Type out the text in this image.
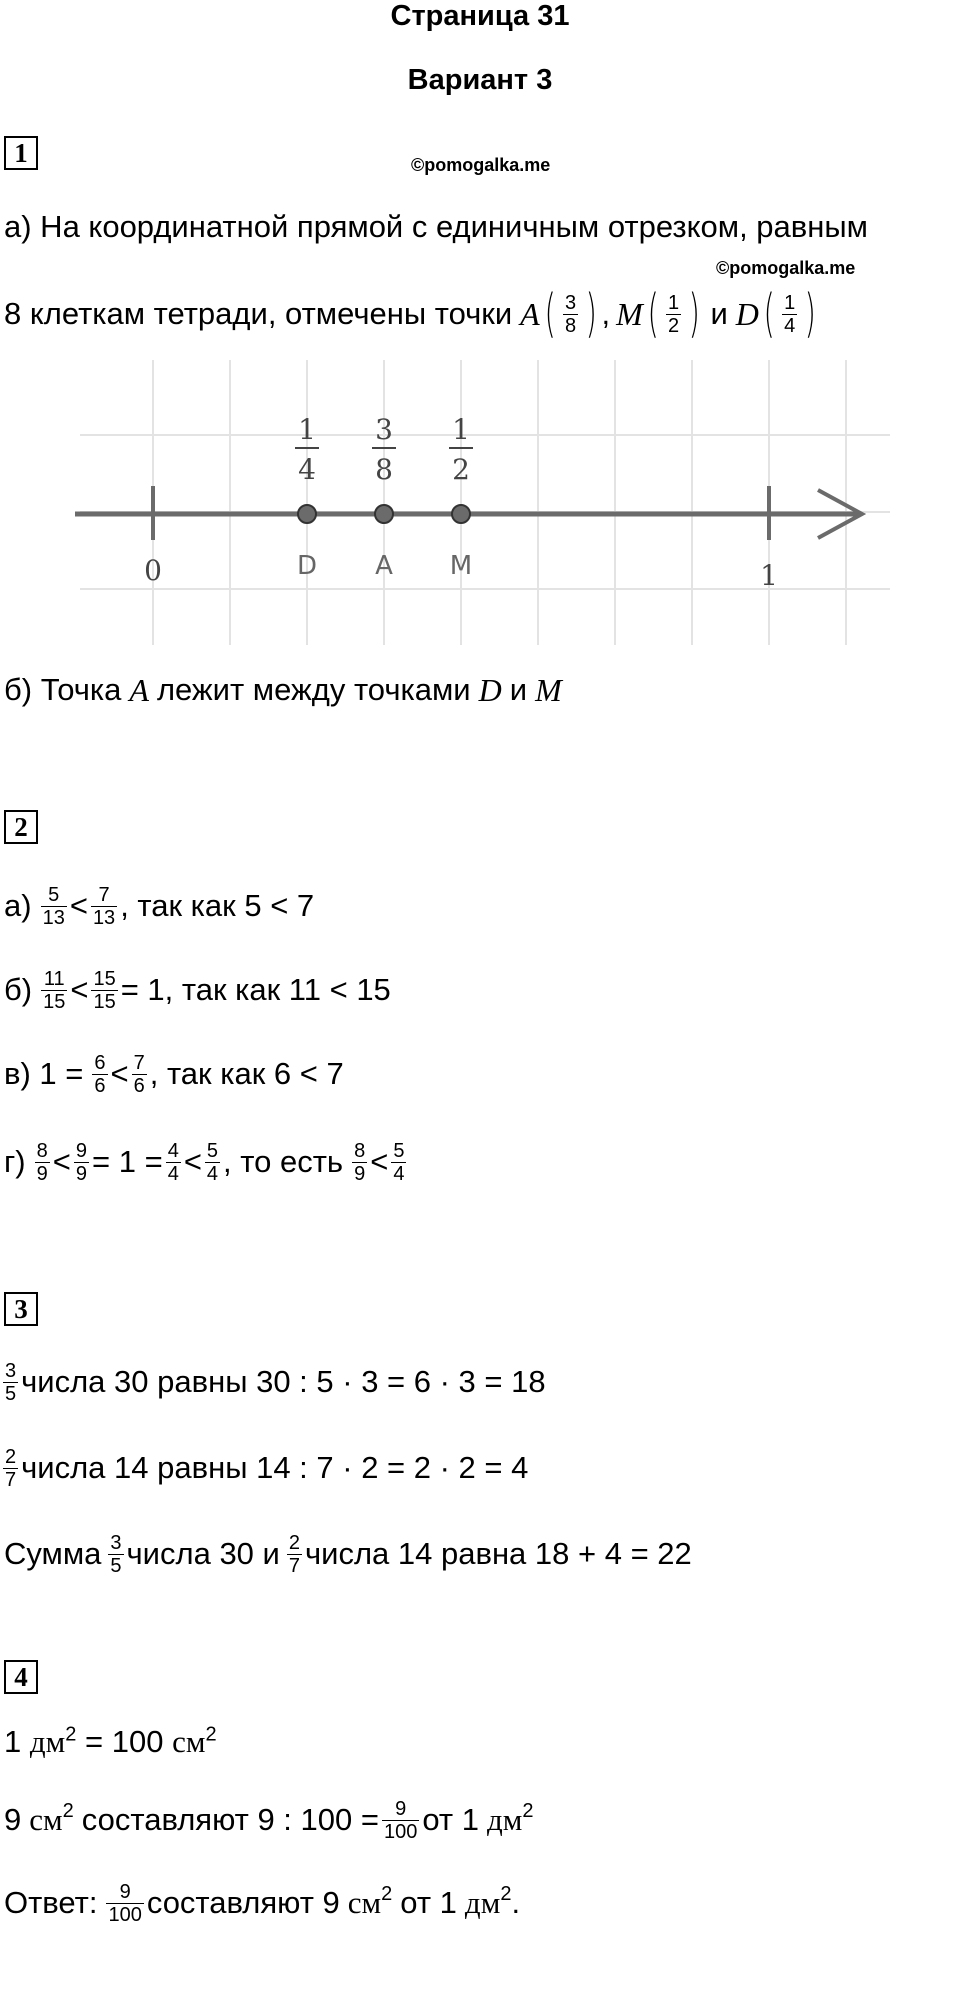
Страница 31
Вариант 3
1	©pomogalka.me
а) На координатной прямой с единичным отрезком, равным
©pomogalka.me
8 клеткам тетради, отмечены точки A ( 3
8 ) , M ( 1
2 ) и D ( 1
4 )
0	1
1
4
D
3
8
A
1
2
M
б) Точка A лежит между точками D и M
2
а) 5
13 < 7
13 , так как 5 < 7
б) 11
15 < 15
15 = 1, так как 11 < 15
в) 1 = 6
6 < 7
6 , так как 6 < 7
г) 8
9 < 9
9 = 1 = 4
4 < 5
4 , то есть 8
9 < 5
4
3
3
5 числа 30 равны 30 : 5 · 3 = 6 · 3 = 18
2
7 числа 14 равны 14 : 7 · 2 = 2 · 2 = 4
Сумма 3
5 числа 30 и 2
7 числа 14 равна 18 + 4 = 22
4
1 $дм^2 = 100$ $см^2$
9 см 2 составляют 9 : 100 = 9
100 от 1 дм 2
Ответ: 9
100 составляют 9 см 2 от 1 дм 2 .
